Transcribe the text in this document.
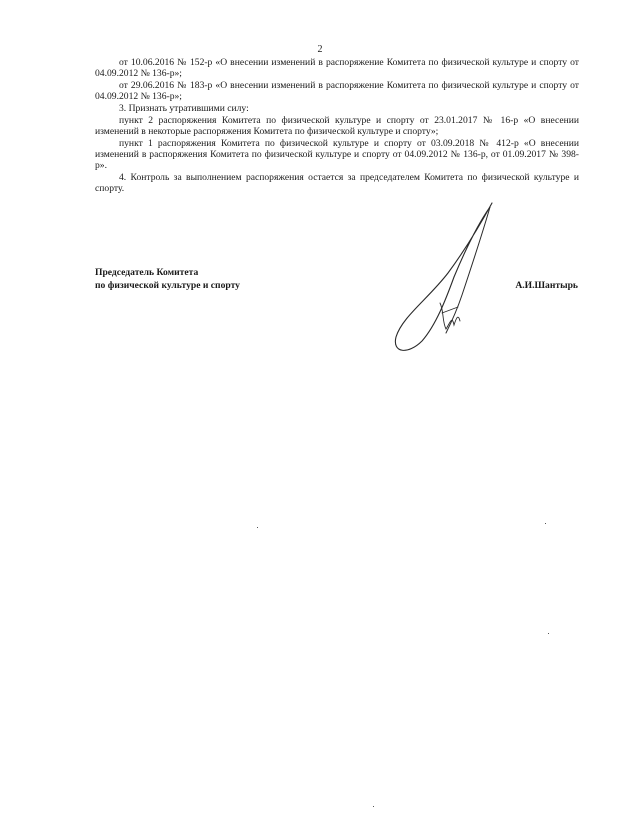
2

от 10.06.2016 № 152-р «О внесении изменений в распоряжение Комитета по физической культуре и спорту от 04.09.2012 № 136-р»;

от 29.06.2016 № 183-р «О внесении изменений в распоряжение Комитета по физической культуре и спорту от 04.09.2012 № 136-р»;

3. Признать утратившими силу:

пункт 2 распоряжения Комитета по физической культуре и спорту от 23.01.2017 № 16-р «О внесении изменений в некоторые распоряжения Комитета по физической культуре и спорту»;

пункт 1 распоряжения Комитета по физической культуре и спорту от 03.09.2018 № 412-р «О внесении изменений в распоряжения Комитета по физической культуре и спорту от 04.09.2012 № 136-р, от 01.09.2017 № 398-р».

4. Контроль за выполнением распоряжения остается за председателем Комитета по физической культуре и спорту.

Председатель Комитета
по физической культуре и спорту	А.И.Шантырь
